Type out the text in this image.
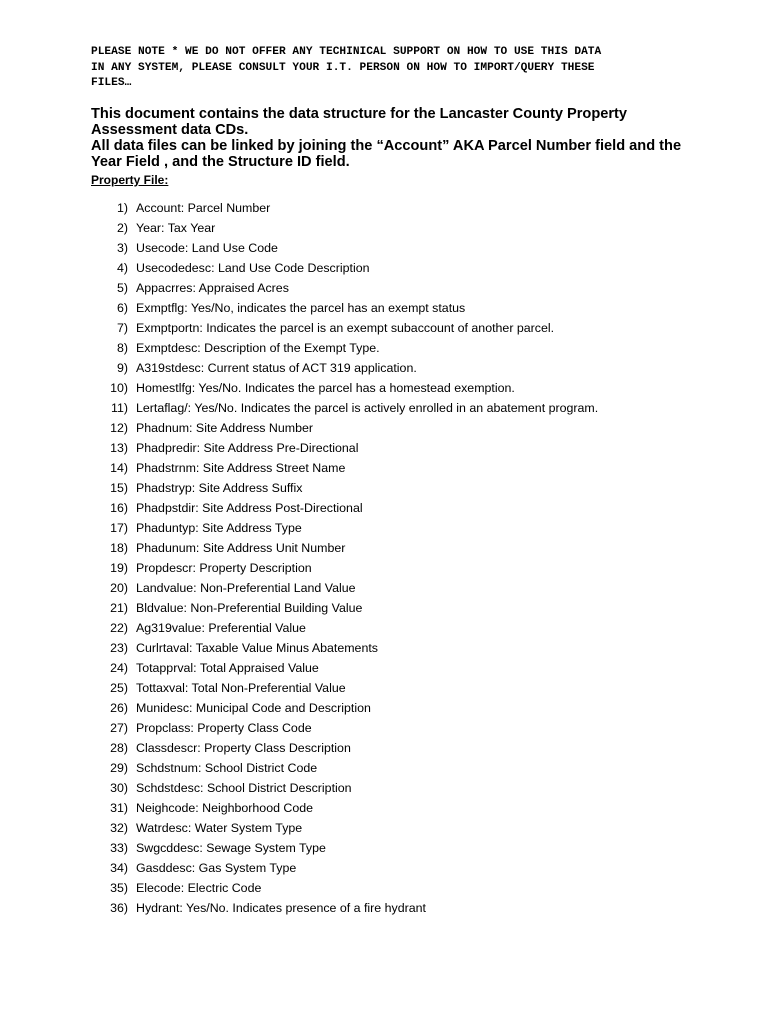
PLEASE NOTE * WE DO NOT OFFER ANY TECHINICAL SUPPORT ON HOW TO USE THIS DATA
IN ANY SYSTEM, PLEASE CONSULT YOUR I.T. PERSON ON HOW TO IMPORT/QUERY THESE
FILES…
This document contains the data structure for the Lancaster County Property
Assessment data CDs.
All data files can be linked by joining the “Account” AKA Parcel Number field and the
Year Field , and the Structure ID field.
Property File:
1) Account: Parcel Number
2) Year: Tax Year
3) Usecode: Land Use Code
4) Usecodedesc: Land Use Code Description
5) Appacrres: Appraised Acres
6) Exmptflg: Yes/No, indicates the parcel has an exempt status
7) Exmptportn: Indicates the parcel is an exempt subaccount of another parcel.
8) Exmptdesc: Description of the Exempt Type.
9) A319stdesc: Current status of ACT 319 application.
10) Homestlfg: Yes/No. Indicates the parcel has a homestead exemption.
11) Lertaflag/: Yes/No. Indicates the parcel is actively enrolled in an abatement program.
12) Phadnum: Site Address Number
13) Phadpredir: Site Address Pre-Directional
14) Phadstrnm: Site Address Street Name
15) Phadstryp: Site Address Suffix
16) Phadpstdir: Site Address Post-Directional
17) Phaduntyp: Site Address Type
18) Phadunum: Site Address Unit Number
19) Propdescr: Property Description
20) Landvalue: Non-Preferential Land Value
21) Bldvalue: Non-Preferential Building Value
22) Ag319value: Preferential Value
23) Curlrtaval: Taxable Value Minus Abatements
24) Totapprval: Total Appraised Value
25) Tottaxval: Total Non-Preferential Value
26) Munidesc: Municipal Code and Description
27) Propclass: Property Class Code
28) Classdescr: Property Class Description
29) Schdstnum: School District Code
30) Schdstdesc: School District Description
31) Neighcode: Neighborhood Code
32) Watrdesc: Water System Type
33) Swgcddesc: Sewage System Type
34) Gasddesc: Gas System Type
35) Elecode: Electric Code
36) Hydrant: Yes/No. Indicates presence of a fire hydrant
